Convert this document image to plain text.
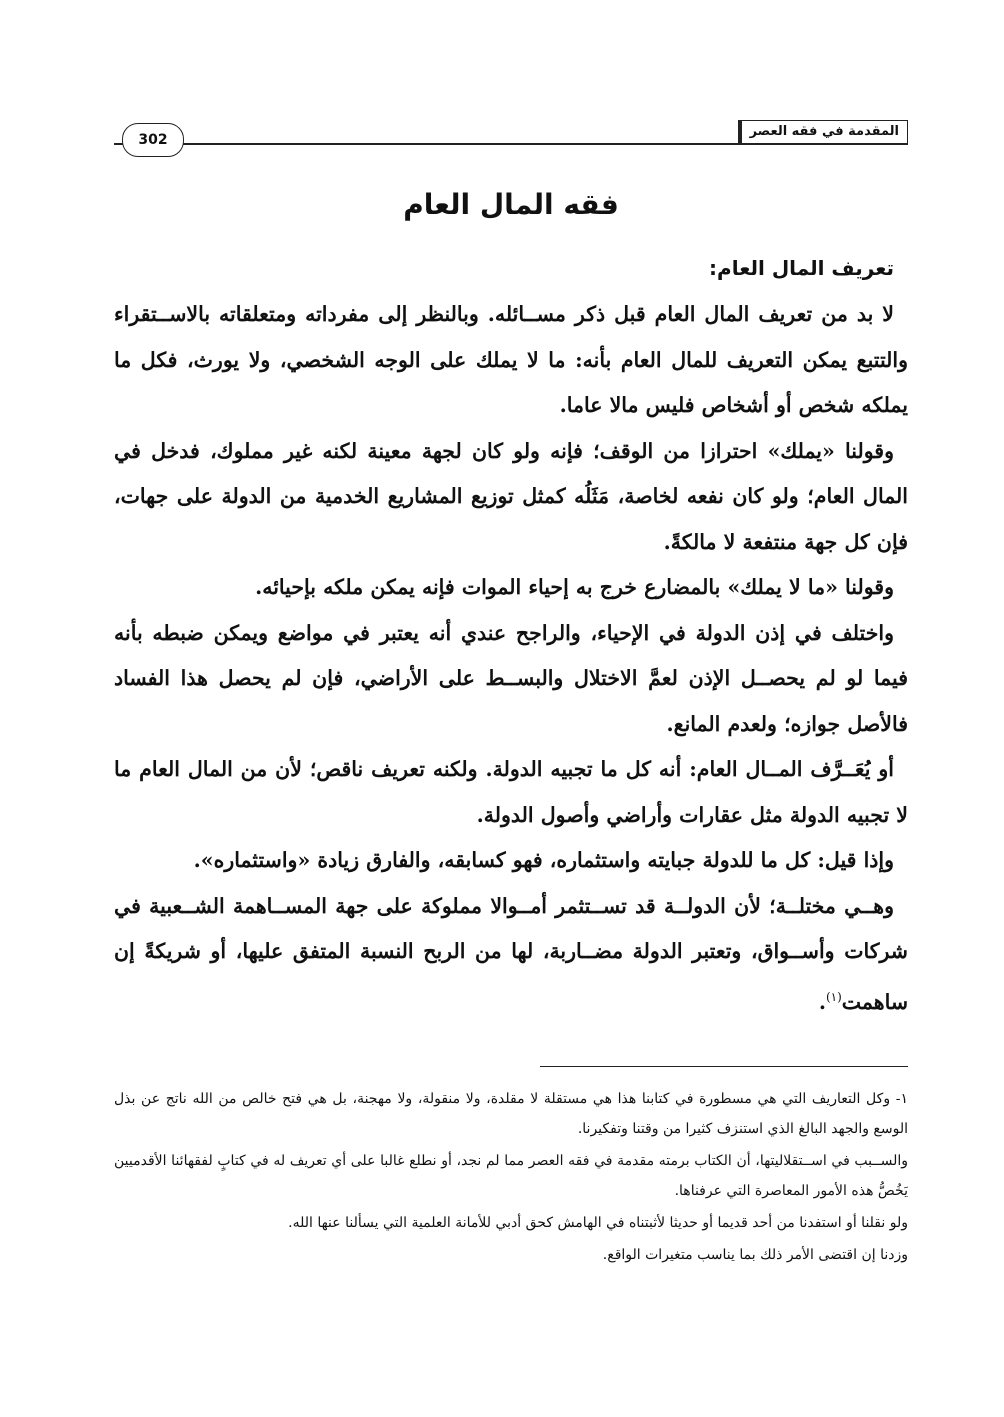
المقدمة في فقه العصر
302
فقه المال العام
تعريف المال العام:

لا بد من تعريف المال العام قبل ذكر مســائله. وبالنظر إلى مفرداته ومتعلقاته بالاســتقراء والتتبع يمكن التعريف للمال العام بأنه: ما لا يملك على الوجه الشخصي، ولا يورث، فكل ما يملكه شخص أو أشخاص فليس مالا عاما.

وقولنا «يملك» احترازا من الوقف؛ فإنه ولو كان لجهة معينة لكنه غير مملوك، فدخل في المال العام؛ ولو كان نفعه لخاصة، مَثَلُه كمثل توزيع المشاريع الخدمية من الدولة على جهات، فإن كل جهة منتفعة لا مالكةً.

وقولنا «ما لا يملك» بالمضارع خرج به إحياء الموات فإنه يمكن ملكه بإحيائه.

واختلف في إذن الدولة في الإحياء، والراجح عندي أنه يعتبر في مواضع ويمكن ضبطه بأنه فيما لو لم يحصــل الإذن لعمَّ الاختلال والبســط على الأراضي، فإن لم يحصل هذا الفساد فالأصل جوازه؛ ولعدم المانع.

أو يُعَــرَّف المــال العام: أنه كل ما تجبيه الدولة. ولكنه تعريف ناقص؛ لأن من المال العام ما لا تجبيه الدولة مثل عقارات وأراضي وأصول الدولة.

وإذا قيل: كل ما للدولة جبايته واستثماره، فهو كسابقه، والفارق زيادة «واستثماره».

وهــي مختلــة؛ لأن الدولــة قد تســتثمر أمــوالا مملوكة على جهة المســاهمة الشــعبية في شركات وأســواق، وتعتبر الدولة مضــاربة، لها من الربح النسبة المتفق عليها، أو شريكةً إن ساهمت$^{(١)}$.

١- وكل التعاريف التي هي مسطورة في كتابنا هذا هي مستقلة لا مقلدة، ولا منقولة، ولا مهجنة، بل هي فتح خالص من الله ناتج عن بذل الوسع والجهد البالغ الذي استنزف كثيرا من وقتنا وتفكيرنا.

والســبب في اســتقلاليتها، أن الكتاب برمته مقدمة في فقه العصر مما لم نجد، أو نطلع غالبا على أي تعريف له في كتابٍ لفقهائنا الأقدميين يَخُصُّ هذه الأمور المعاصرة التي عرفناها.

ولو نقلنا أو استفدنا من أحد قديما أو حديثا لأثبتناه في الهامش كحق أدبي للأمانة العلمية التي يسألنا عنها الله.

وزدنا إن اقتضى الأمر ذلك بما يناسب متغيرات الواقع.
